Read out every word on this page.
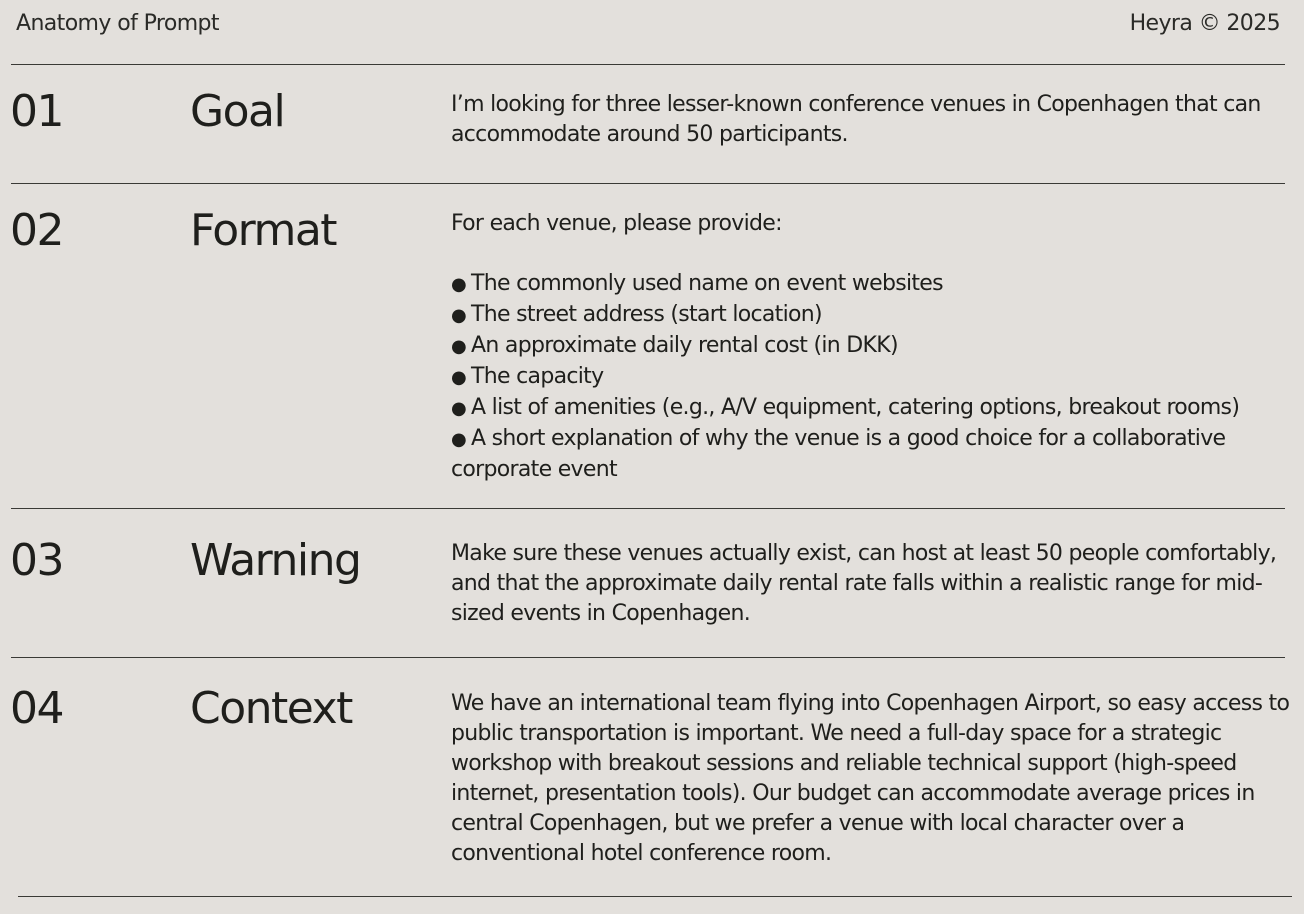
Anatomy of Prompt	Heyra © 2025
01	Goal	I’m looking for three lesser-known conference venues in Copenhagen that can accommodate around 50 participants.

02	Format	For each venue, please provide:

● The commonly used name on event websites
● The street address (start location)
● An approximate daily rental cost (in DKK)
● The capacity
● A list of amenities (e.g., A/V equipment, catering options, breakout rooms)
● A short explanation of why the venue is a good choice for a collaborative corporate event
03	Warning	Make sure these venues actually exist, can host at least 50 people comfortably, and that the approximate daily rental rate falls within a realistic range for mid-sized events in Copenhagen.

04	Context	We have an international team flying into Copenhagen Airport, so easy access to public transportation is important. We need a full-day space for a strategic workshop with breakout sessions and reliable technical support (high-speed internet, presentation tools). Our budget can accommodate average prices in central Copenhagen, but we prefer a venue with local character over a conventional hotel conference room.
